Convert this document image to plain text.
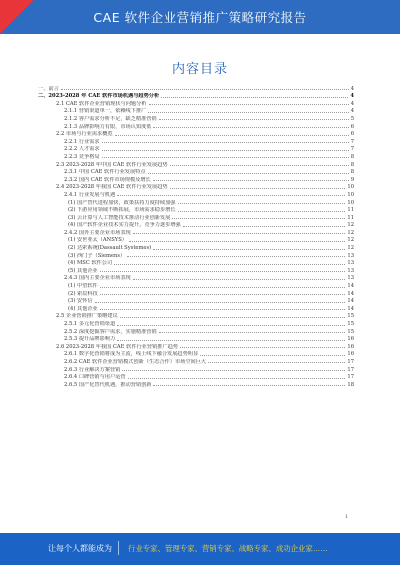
CAE 软件企业营销推广策略研究报告
内容目录
一、前言	4
二、2023-2028 年 CAE 软件市场机遇与趋势分析	4
2.1 CAE 软件企业营销现状与问题分析	4
2.1.1 营销渠道单一，依赖线下推广	4
2.1.2 客户需求分析不足，缺乏精准营销	5
2.1.3 品牌影响力有限，市场认知度低	6
2.2 市场与行业需求概览	6
2.2.1 行业需求	7
2.2.2 人才需求	7
2.2.3 竞争格局	8
2.3 2023-2028 年中国 CAE 软件行业发展趋势	8
2.3.1 中国 CAE 软件行业发展特点	8
2.3.2 国内 CAE 软件市场规模及增长	9
2.4 2023-2028 年我国 CAE 软件行业发展趋势	10
2.4.1 行业发展与机遇	10
(1) 国产替代进程加快，政策扶持力度持续加强	10
(2) 下游应用领域不断拓展，市场需求稳步增长	11
(3) 云计算与人工智能技术推动行业创新发展	11
(4) 国产软件企业技术实力提升，竞争力逐步增强	12
2.4.2 国外主要企业市场表现	12
(1) 安世亚太（ANSYS）	12
(2) 达索系统(Dassault Systemes)	12
(3) 西门子（Siemens）	13
(4) MSC 软件公司	13
(5) 其他企业	13
2.4.3 国内主要企业市场表现	13
(1) 中望软件	14
(2) 索辰科技	14
(3) 安怀信	14
(4) 其他企业	14
2.5 企业营销推广策略建议	15
2.5.1 多元化营销渠道	15
2.5.2 深度挖掘客户需求，实施精准营销	15
2.5.3 提升品牌影响力	16
2.6 2023-2028 年我国 CAE 软件行业营销推广趋势	16
2.6.1 数字化营销将成为主流，线上线下融合发展趋势明显	16
2.6.2 CAE 软件企业营销模式创新（生态合作）市场空间巨大	17
2.6.3 行业解决方案营销	17
2.6.4 口碑营销与用户运营	17
2.6.5 国产化替代机遇，推动营销创新	18
1
让每个人都能成为 行业专家、管理专家、营销专家、战略专家、成功企业家……
